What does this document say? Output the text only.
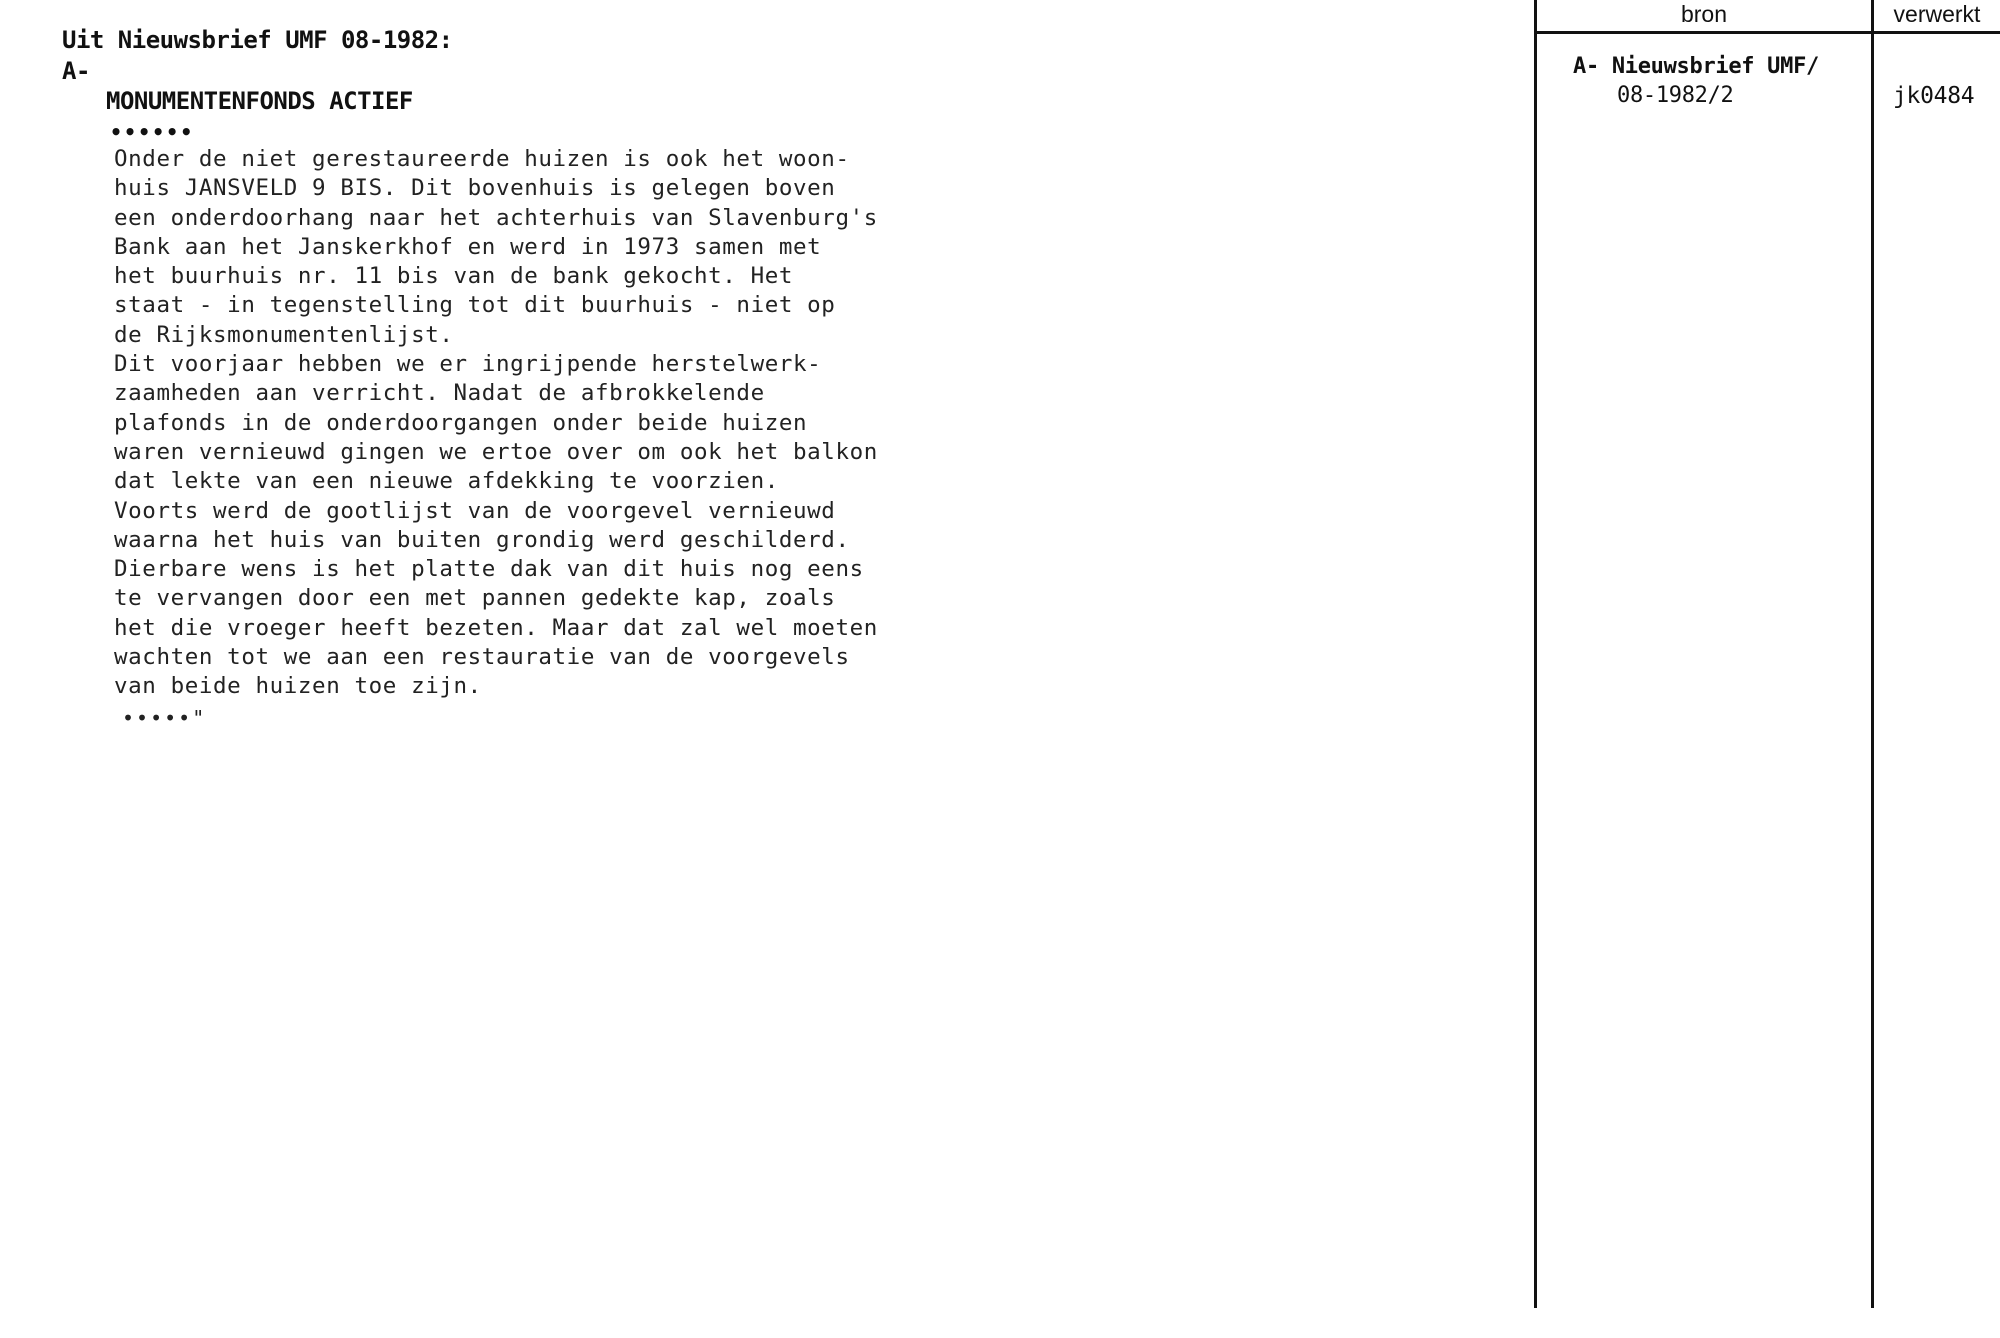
Uit Nieuwsbrief UMF 08-1982:
A-
MONUMENTENFONDS ACTIEF
••••••
Onder de niet gerestaureerde huizen is ook het woon-
huis JANSVELD 9 BIS. Dit bovenhuis is gelegen boven
een onderdoorhang naar het achterhuis van Slavenburg's
Bank aan het Janskerkhof en werd in 1973 samen met
het buurhuis nr. 11 bis van de bank gekocht. Het
staat - in tegenstelling tot dit buurhuis - niet op
de Rijksmonumentenlijst.
Dit voorjaar hebben we er ingrijpende herstelwerk-
zaamheden aan verricht. Nadat de afbrokkelende
plafonds in de onderdoorgangen onder beide huizen
waren vernieuwd gingen we ertoe over om ook het balkon
dat lekte van een nieuwe afdekking te voorzien.
Voorts werd de gootlijst van de voorgevel vernieuwd
waarna het huis van buiten grondig werd geschilderd.
Dierbare wens is het platte dak van dit huis nog eens
te vervangen door een met pannen gedekte kap, zoals
het die vroeger heeft bezeten. Maar dat zal wel moeten
wachten tot we aan een restauratie van de voorgevels
van beide huizen toe zijn.
•••••"
bron	verwerkt
A- Nieuwsbrief UMF/
08-1982/2	jk0484
